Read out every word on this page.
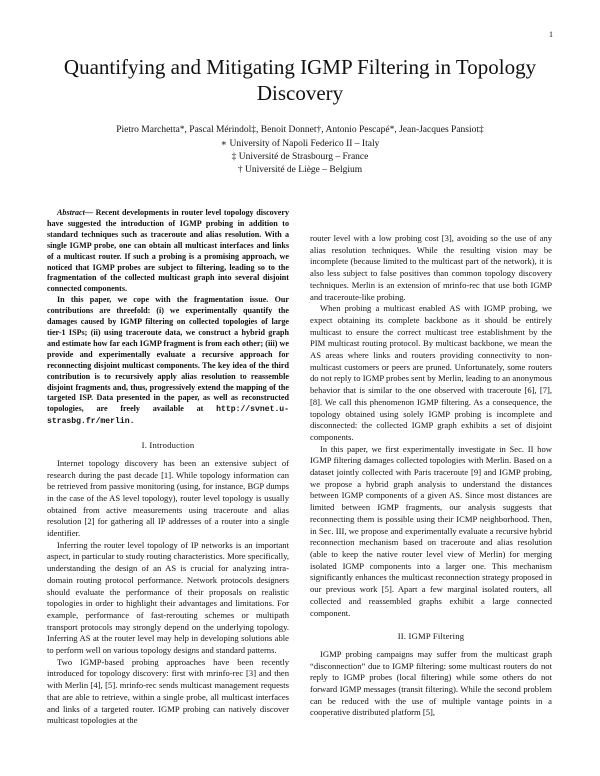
1
Quantifying and Mitigating IGMP Filtering in Topology Discovery
Pietro Marchetta*, Pascal Mérindol‡, Benoit Donnet†, Antonio Pescapé*, Jean-Jacques Pansiot‡
∗ University of Napoli Federico II – Italy
‡ Université de Strasbourg – France
† Université de Liège – Belgium

Abstract— Recent developments in router level topology discovery have suggested the introduction of IGMP probing in addition to standard techniques such as traceroute and alias resolution. With a single IGMP probe, one can obtain all multicast interfaces and links of a multicast router. If such a probing is a promising approach, we noticed that IGMP probes are subject to filtering, leading so to the fragmentation of the collected multicast graph into several disjoint connected components.

In this paper, we cope with the fragmentation issue. Our contributions are threefold: (i) we experimentally quantify the damages caused by IGMP filtering on collected topologies of large tier-1 ISPs; (ii) using traceroute data, we construct a hybrid graph and estimate how far each IGMP fragment is from each other; (iii) we provide and experimentally evaluate a recursive approach for reconnecting disjoint multicast components. The key idea of the third contribution is to recursively apply alias resolution to reassemble disjoint fragments and, thus, progressively extend the mapping of the targeted ISP. Data presented in the paper, as well as reconstructed topologies, are freely available at http://svnet.u-strasbg.fr/merlin.

I. Introduction

Internet topology discovery has been an extensive subject of research during the past decade [1]. While topology information can be retrieved from passive monitoring (using, for instance, BGP dumps in the case of the AS level topology), router level topology is usually obtained from active measurements using traceroute and alias resolution [2] for gathering all IP addresses of a router into a single identifier.

Inferring the router level topology of IP networks is an important aspect, in particular to study routing characteristics. More specifically, understanding the design of an AS is crucial for analyzing intra-domain routing protocol performance. Network protocols designers should evaluate the performance of their proposals on realistic topologies in order to highlight their advantages and limitations. For example, performance of fast-rerouting schemes or multipath transport protocols may strongly depend on the underlying topology. Inferring AS at the router level may help in developing solutions able to perform well on various topology designs and standard patterns.

Two IGMP-based probing approaches have been recently introduced for topology discovery: first with mrinfo-rec [3] and then with Merlin [4], [5]. mrinfo-rec sends multicast management requests that are able to retrieve, within a single probe, all multicast interfaces and links of a targeted router. IGMP probing can natively discover multicast topologies at the

router level with a low probing cost [3], avoiding so the use of any alias resolution techniques. While the resulting vision may be incomplete (because limited to the multicast part of the network), it is also less subject to false positives than common topology discovery techniques. Merlin is an extension of mrinfo-rec that use both IGMP and traceroute-like probing.

When probing a multicast enabled AS with IGMP probing, we expect obtaining its complete backbone as it should be entirely multicast to ensure the correct multicast tree establishment by the PIM multicast routing protocol. By multicast backbone, we mean the AS areas where links and routers providing connectivity to non-multicast customers or peers are pruned. Unfortunately, some routers do not reply to IGMP probes sent by Merlin, leading to an anonymous behavior that is similar to the one observed with traceroute [6], [7], [8]. We call this phenomenon IGMP filtering. As a consequence, the topology obtained using solely IGMP probing is incomplete and disconnected: the collected IGMP graph exhibits a set of disjoint components.

In this paper, we first experimentally investigate in Sec. II how IGMP filtering damages collected topologies with Merlin. Based on a dataset jointly collected with Paris traceroute [9] and IGMP probing, we propose a hybrid graph analysis to understand the distances between IGMP components of a given AS. Since most distances are limited between IGMP fragments, our analysis suggests that reconnecting them is possible using their ICMP neighborhood. Then, in Sec. III, we propose and experimentally evaluate a recursive hybrid reconnection mechanism based on traceroute and alias resolution (able to keep the native router level view of Merlin) for merging isolated IGMP components into a larger one. This mechanism significantly enhances the multicast reconnection strategy proposed in our previous work [5]. Apart a few marginal isolated routers, all collected and reassembled graphs exhibit a large connected component.

II. IGMP Filtering

IGMP probing campaigns may suffer from the multicast graph “disconnection” due to IGMP filtering: some multicast routers do not reply to IGMP probes (local filtering) while some others do not forward IGMP messages (transit filtering). While the second problem can be reduced with the use of multiple vantage points in a cooperative distributed platform [5],
